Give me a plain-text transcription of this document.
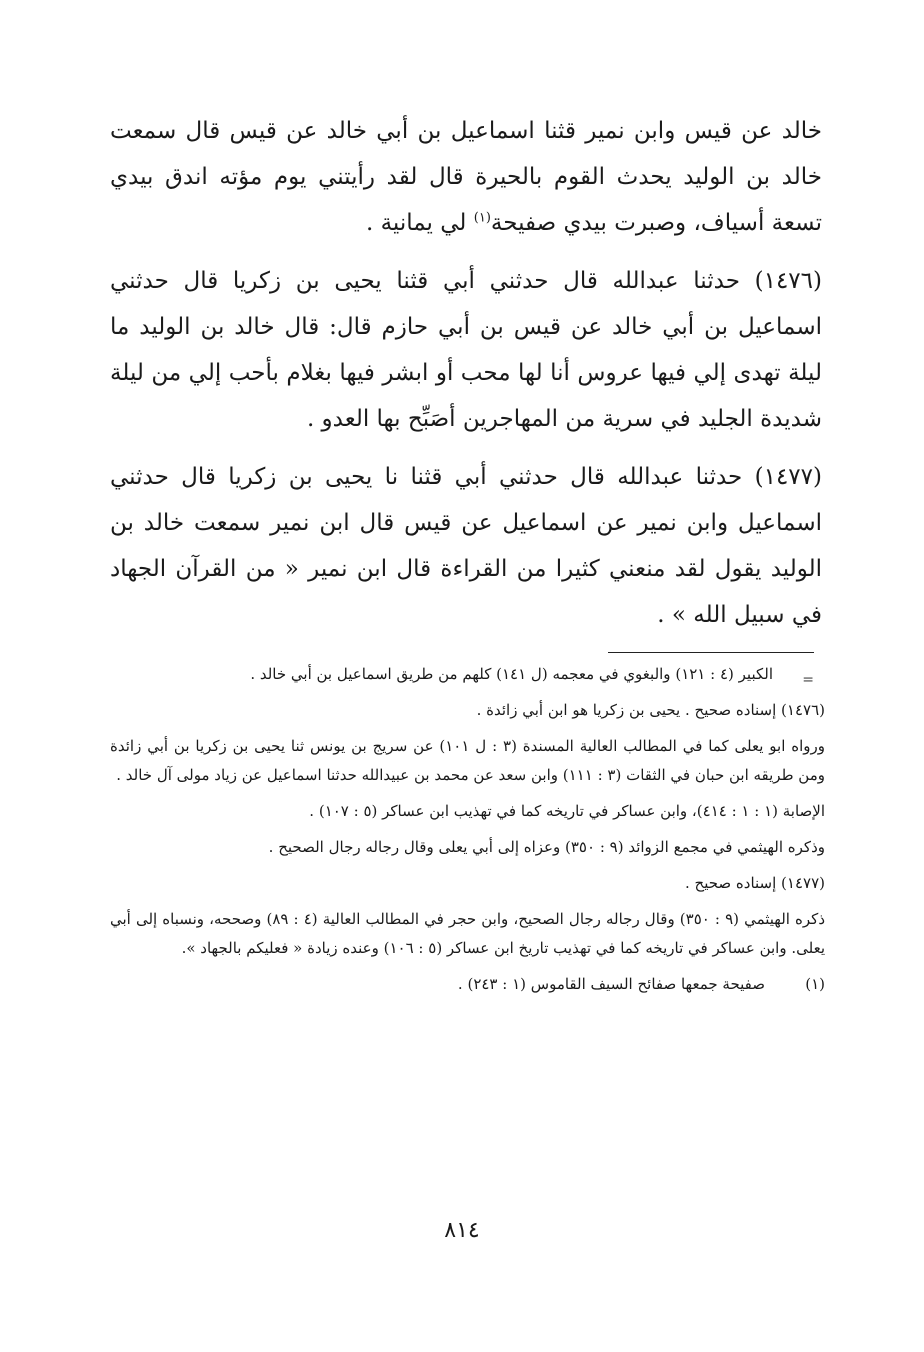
خالد عن قيس وابن نمير قثنا اسماعيل بن أبي خالد عن قيس قال سمعت خالد بن الوليد يحدث القوم بالحيرة قال لقد رأيتني يوم مؤته اندق بيدي تسعة أسياف، وصبرت بيدي صفيحة$^{(١)}$ لي يمانية .

(١٤٧٦) حدثنا عبدالله قال حدثني أبي قثنا يحيى بن زكريا قال حدثني اسماعيل بن أبي خالد عن قيس بن أبي حازم قال: قال خالد بن الوليد ما ليلة تهدى إلي فيها عروس أنا لها محب أو ابشر فيها بغلام بأحب إلي من ليلة شديدة الجليد في سرية من المهاجرين أصَبِّح بها العدو .

(١٤٧٧) حدثنا عبدالله قال حدثني أبي قثنا نا يحيى بن زكريا قال حدثني اسماعيل وابن نمير عن اسماعيل عن قيس قال ابن نمير سمعت خالد بن الوليد يقول لقد منعني كثيرا من القراءة قال ابن نمير « من القرآن الجهاد في سبيل الله » .

=

الكبير (٤ : ١٢١) والبغوي في معجمه (ل ١٤١) كلهم من طريق اسماعيل بن أبي خالد .

(١٤٧٦) إسناده صحيح . يحيى بن زكريا هو ابن أبي زائدة .

ورواه ابو يعلى كما في المطالب العالية المسندة (٣ : ل ١٠١) عن سريج بن يونس ثنا يحيى بن زكريا بن أبي زائدة ومن طريقه ابن حبان في الثقات (٣ : ١١١) وابن سعد عن محمد بن عبيدالله حدثنا اسماعيل عن زياد مولى آل خالد .

الإصابة (١ : ١ : ٤١٤)، وابن عساكر في تاريخه كما في تهذيب ابن عساكر (٥ : ١٠٧) .

وذكره الهيثمي في مجمع الزوائد (٩ : ٣٥٠) وعزاه إلى أبي يعلى وقال رجاله رجال الصحيح .

(١٤٧٧) إسناده صحيح .

ذكره الهيثمي (٩ : ٣٥٠) وقال رجاله رجال الصحيح، وابن حجر في المطالب العالية (٤ : ٨٩) وصححه، ونسباه إلى أبي يعلى. وابن عساكر في تاريخه كما في تهذيب تاريخ ابن عساكر (٥ : ١٠٦) وعنده زيادة « فعليكم بالجهاد ».

(١)
صفيحة جمعها صفائح السيف القاموس (١ : ٢٤٣) .
٨١٤
